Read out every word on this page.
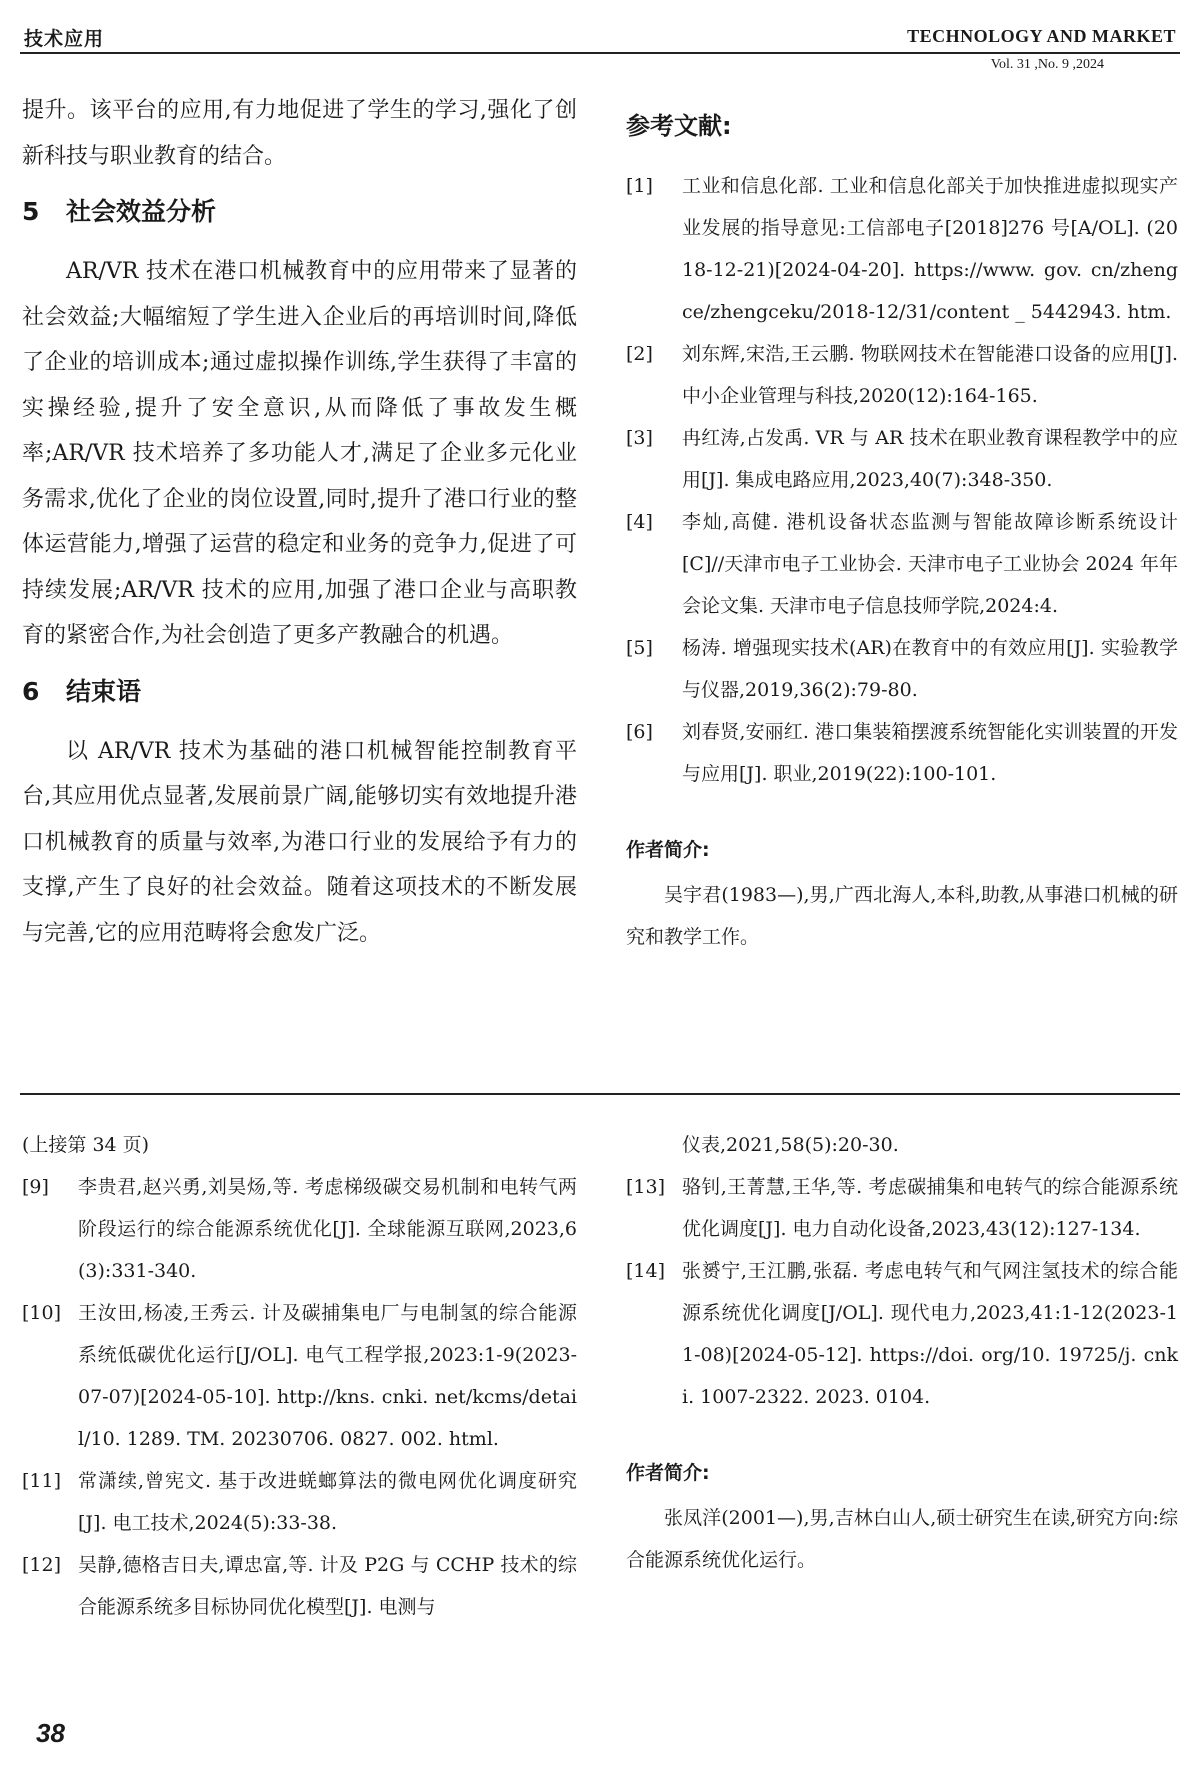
技术应用	TECHNOLOGY AND MARKET
Vol. 31 ,No. 9 ,2024

提升。该平台的应用,有力地促进了学生的学习,强化了创新科技与职业教育的结合。

5 社会效益分析

AR/VR 技术在港口机械教育中的应用带来了显著的社会效益;大幅缩短了学生进入企业后的再培训时间,降低了企业的培训成本;通过虚拟操作训练,学生获得了丰富的实操经验,提升了安全意识,从而降低了事故发生概率;AR/VR 技术培养了多功能人才,满足了企业多元化业务需求,优化了企业的岗位设置,同时,提升了港口行业的整体运营能力,增强了运营的稳定和业务的竞争力,促进了可持续发展;AR/VR 技术的应用,加强了港口企业与高职教育的紧密合作,为社会创造了更多产教融合的机遇。

6 结束语

以 AR/VR 技术为基础的港口机械智能控制教育平台,其应用优点显著,发展前景广阔,能够切实有效地提升港口机械教育的质量与效率,为港口行业的发展给予有力的支撑,产生了良好的社会效益。随着这项技术的不断发展与完善,它的应用范畴将会愈发广泛。

参考文献:
[1]	工业和信息化部. 工业和信息化部关于加快推进虚拟现实产业发展的指导意见:工信部电子[2018]276 号[A/OL]. (2018-12-21)[2024-04-20]. https://www. gov. cn/zhengce/zhengceku/2018-12/31/content _ 5442943. htm.
[2]	刘东辉,宋浩,王云鹏. 物联网技术在智能港口设备的应用[J]. 中小企业管理与科技,2020(12):164-165.
[3]	冉红涛,占发禹. VR 与 AR 技术在职业教育课程教学中的应用[J]. 集成电路应用,2023,40(7):348-350.
[4]	李灿,高健. 港机设备状态监测与智能故障诊断系统设计[C]//天津市电子工业协会. 天津市电子工业协会 2024 年年会论文集. 天津市电子信息技师学院,2024:4.
[5]	杨涛. 增强现实技术(AR)在教育中的有效应用[J]. 实验教学与仪器,2019,36(2):79-80.
[6]	刘春贤,安丽红. 港口集装箱摆渡系统智能化实训装置的开发与应用[J]. 职业,2019(22):100-101.
作者简介:

吴宇君(1983—),男,广西北海人,本科,助教,从事港口机械的研究和教学工作。

(上接第 34 页)
[9]	李贵君,赵兴勇,刘昊炀,等. 考虑梯级碳交易机制和电转气两阶段运行的综合能源系统优化[J]. 全球能源互联网,2023,6(3):331-340.
[10] 王汝田,杨凌,王秀云. 计及碳捕集电厂与电制氢的综合能源系统低碳优化运行[J/OL]. 电气工程学报,2023:1-9(2023-07-07)[2024-05-10]. http://kns. cnki. net/kcms/detail/10. 1289. TM. 20230706. 0827. 002. html.
[11] 常潇续,曾宪文. 基于改进蜣螂算法的微电网优化调度研究[J]. 电工技术,2024(5):33-38.
[12] 吴静,德格吉日夫,谭忠富,等. 计及 P2G 与 CCHP 技术的综合能源系统多目标协同优化模型[J]. 电测与
仪表,2021,58(5):20-30.
[13] 骆钊,王菁慧,王华,等. 考虑碳捕集和电转气的综合能源系统优化调度[J]. 电力自动化设备,2023,43(12):127-134.
[14] 张赟宁,王江鹏,张磊. 考虑电转气和气网注氢技术的综合能源系统优化调度[J/OL]. 现代电力,2023,41:1-12(2023-11-08)[2024-05-12]. https://doi. org/10. 19725/j. cnki. 1007-2322. 2023. 0104.
作者简介:

张凤洋(2001—),男,吉林白山人,硕士研究生在读,研究方向:综合能源系统优化运行。

38
